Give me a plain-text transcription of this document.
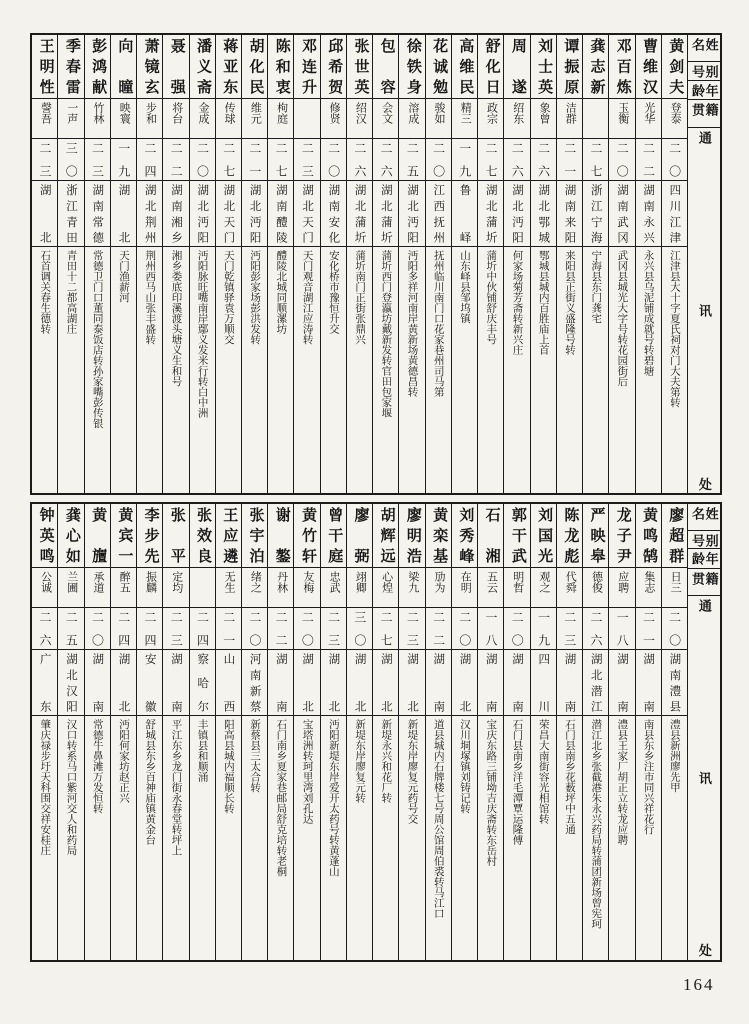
姓名
别号
年龄
籍贯
通讯处
黄剑夫
登泰
二〇
四川江津
江津县大十字夏氏祠对门大夫第转
曹维汉
光华
二二
湖南永兴
永兴县乌泥铺成就号转碧塘
邓百炼
玉衡
二〇
湖南武冈
武冈县城光大字号转花园街后
龚志新
二七
浙江宁海
宁海县东门龚宅
谭振原
洁群
二一
湖南来阳
来阳县正街义盛隆号转
刘士英
象曾
二六
湖北鄂城
鄂城县城内百胜庙上首
周遂
绍东
二六
湖北沔阳
何家场菊芳斋转新兴庄
舒化日
政宗
二七
湖北蒲圻
蒲圻中伙铺舒庆丰号
高维民
精三
一九
鲁峄
山东峄县邹坞镇
花诚勉
骏如
二〇
江西抚州
抚州临川南门口花家巷州司马第
徐铁身
溶成
二五
湖北沔阳
沔阳多祥河南岸黄新场黄德昌转
包容
会文
二六
湖北蒲圻
蒲圻西门登瀛坊戴新发转官田包家堰
张世英
绍汉
二六
湖北蒲圻
蒲圻南门正街张鼎兴
邱希贺
修贤
二〇
湖南安化
安化桥市豫恒升交
邓连升
二三
湖北天门
天门观音湖江应涛转
陈和衷
枸庭
二七
湖南醴陵
醴陵北城同顺漯坊
胡化民
维元
二一
湖北沔阳
沔阳彭家场彭洪发转
蒋亚东
传球
二七
湖北天门
天门乾镇驿袁万顺交
潘义斋
金成
二〇
湖北沔阳
沔阳脉旺嘴南岸鄢义发米行转白中洲
聂强
将台
二二
湖南湘乡
湘乡娄底印溪渡头塘义生和号
萧镜玄
步和
二四
湖北荆州
荆州西马山张丰盛转
向曈
映寰
一九
湖北
天门渔薪河
彭鸿献
竹林
二三
湖南常德
常德卫门口董同泰饭店转孙家嘴彭传银
季春雷
一声
三〇
浙江青田
青田十二都高湖庄
王明性
謦吾
二三
湖北
石首调关春生德转
姓名
别号
年龄
籍贯
通讯处
廖超群
日三
二〇
湖南澧县
澧县新洲廖先甲
黄鸣鹄
集志
二一
湖南
南县东乡注市同兴祥花行
龙子尹
应聘
一八
湖南
澧县王家厂胡正立转龙应聘
严映皋
德俊
二六
湖北潜江
潜江北乡张截港朱永兴药局转蒲团新场曾宪珂
陈龙彪
代舜
二三
湖南
石门县南乡花薮坪中五通
刘国光
观之
一九
四川
荣昌大南街容光相馆转
郭干武
明哲
二〇
湖南
石门县南乡洋毛潭覃运隆傅
石湘
五云
一八
湖南
宝庆东路三铺坳吉庆斋转东岳村
刘秀峰
在明
二〇
湖北
汉川垌塚镇刘铸记转
黄栾基
劢为
二二
湖南
道县城内石牌楼七号周公馆周伯裘转马江口
廖明浩
梁九
二三
湖北
新堤东岸廖复元药号交
胡辉远
心煌
二七
湖北
新堤永兴和花厂转
廖弼
翊卿
三〇
湖北
新堤东岸廖复元转
曾干庭
忠武
二三
湖北
沔阳新堤东岸爱开太药号转黄蓬山
黄竹轩
友梅
二〇
湖北
宝塔洲转珂里湾刘孔达
谢鏊
丹林
二二
湖南
石门南乡夏家巷邮局舒克培转老桐
张宇泊
绪之
二〇
河南新蔡
新蔡县三太合转
王应遴
无生
二一
山西
阳高县城内福顺长转
张效良
二四
察哈尔
丰镇县和顺涌
张平
定均
二三
湖南
平江东乡龙门街永春堂转坪上
李步先
振麟
二四
安徽
舒城县东乡百神庙镇黄金台
黄宾一
醉五
二四
湖北
沔阳何家坊赵正兴
黄旜
承道
二〇
湖南
常德牛鼻滩万发恒转
龚心如
兰圃
二五
湖北汉阳
汉口转系马口紫河交人和药局
钟英鸣
公诚
二六
广东
肇庆禄步圩天科围交祥安桂庄
164
